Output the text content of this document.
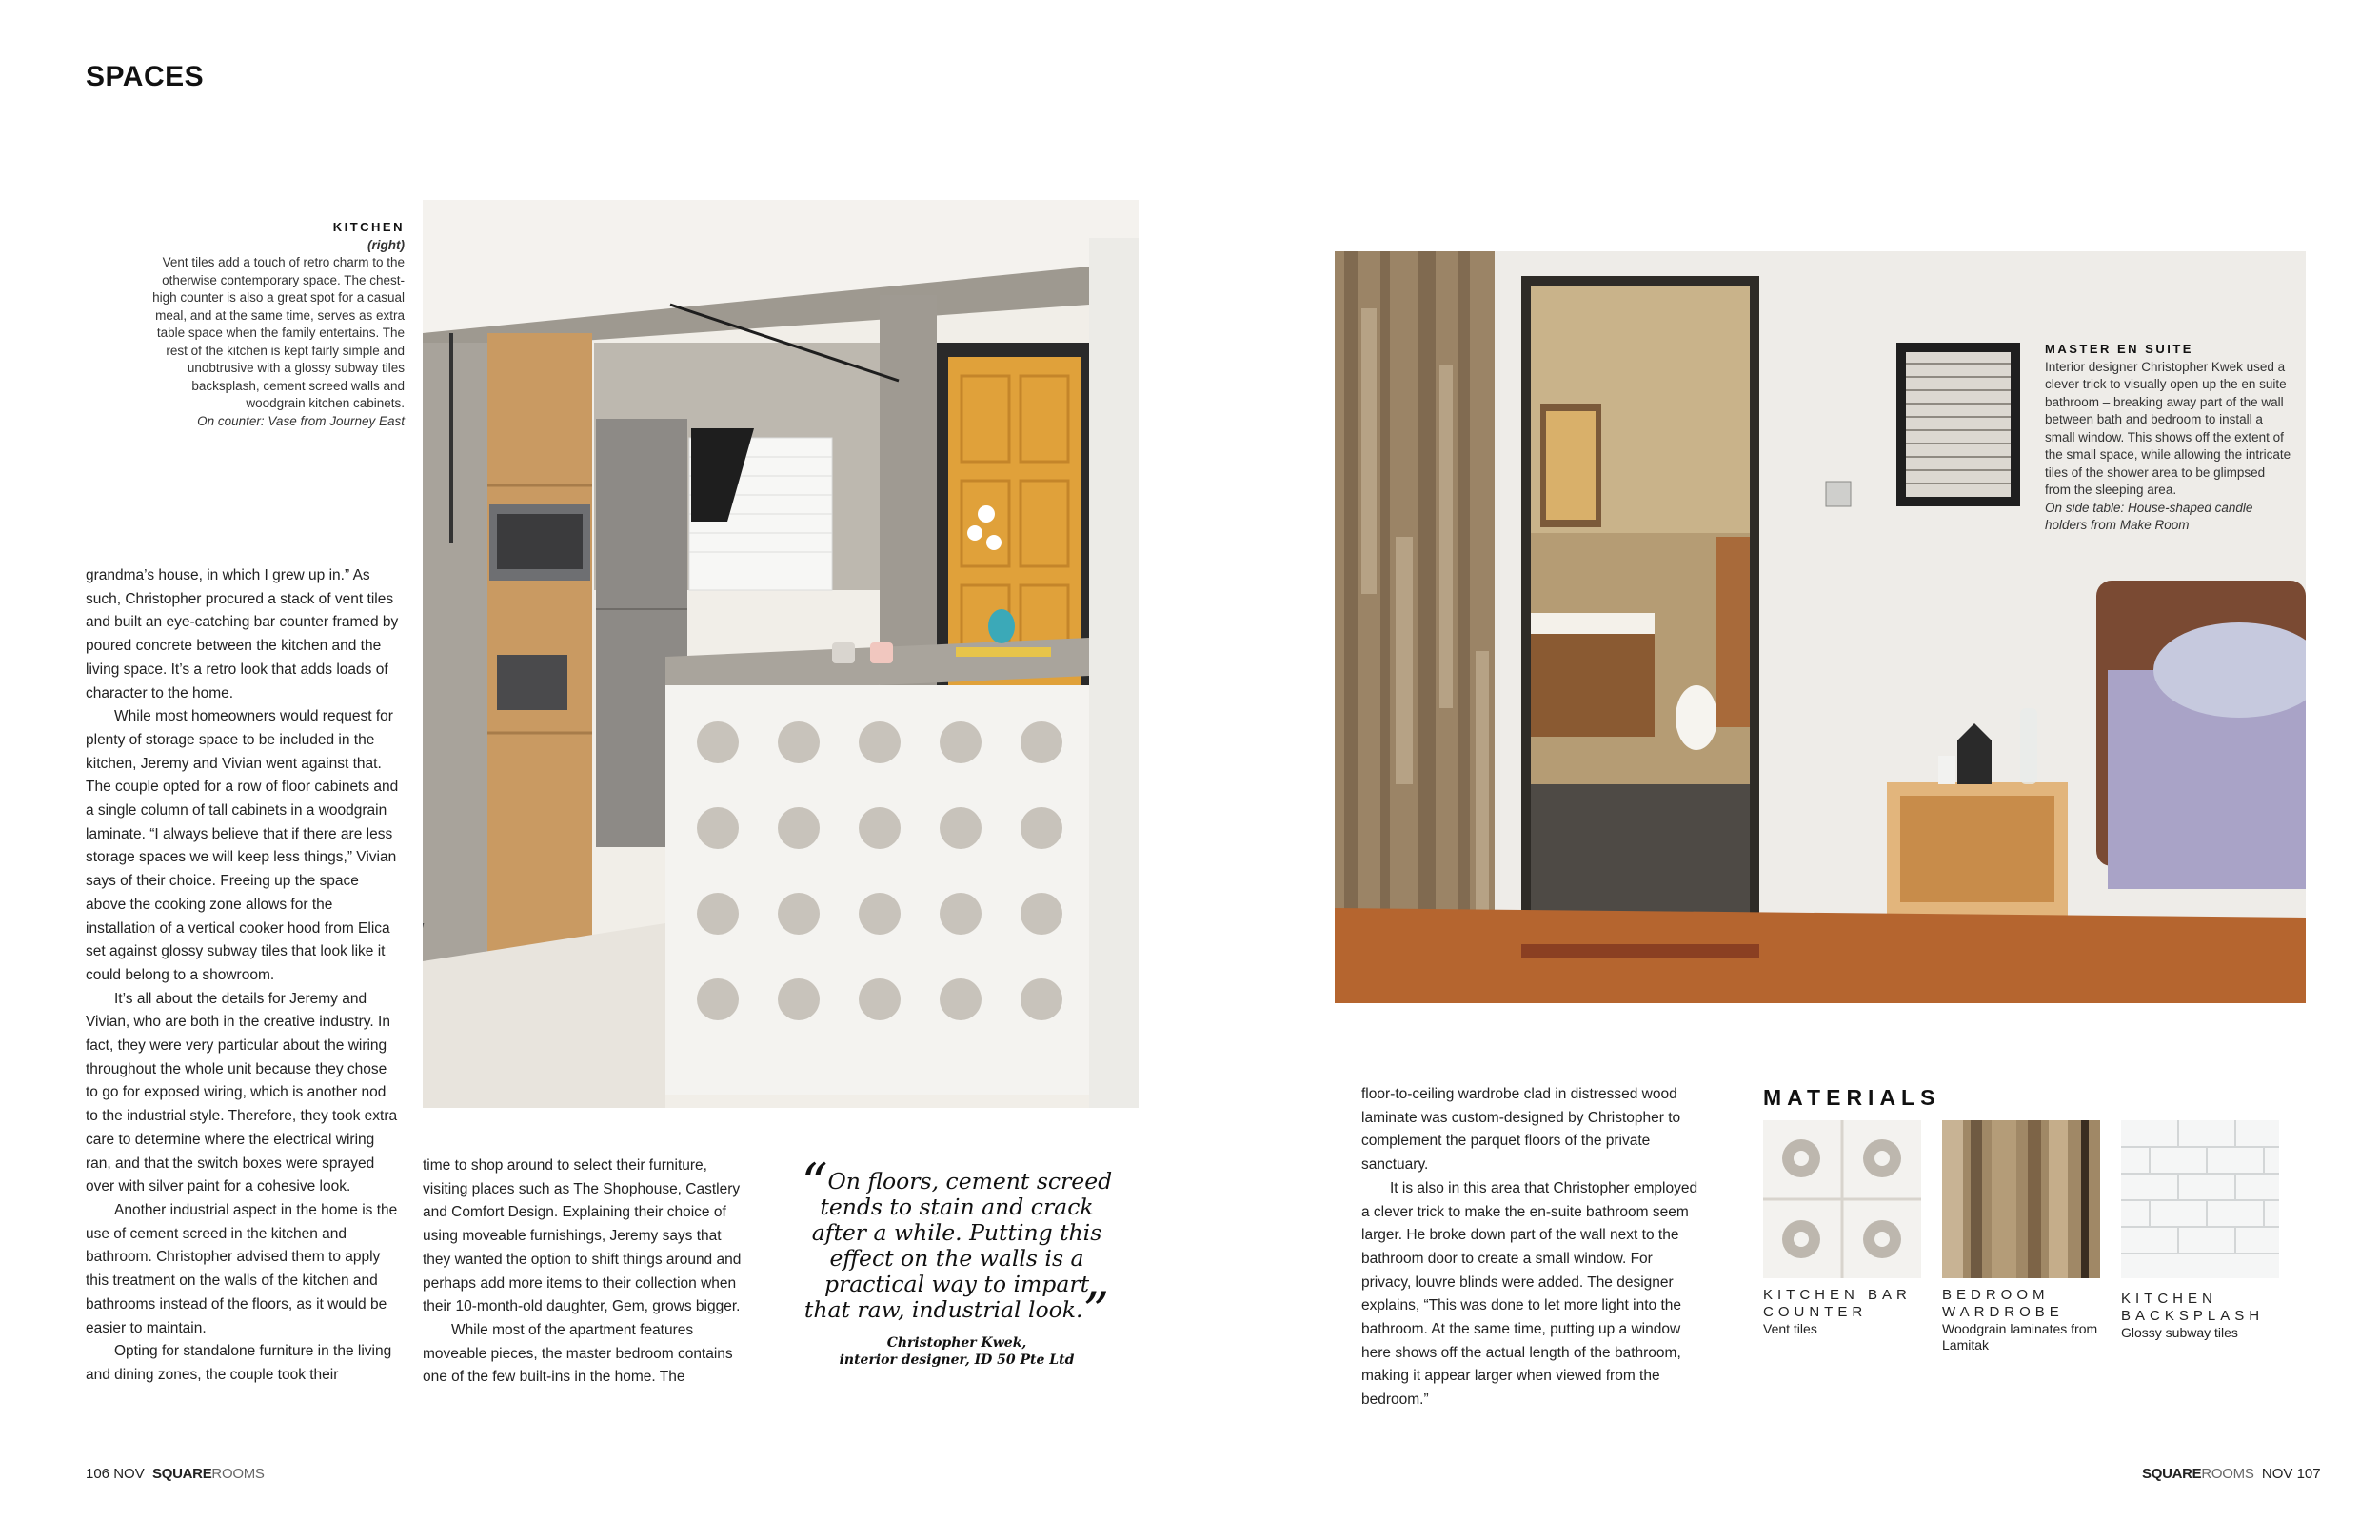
SPACES
KITCHEN
(right)
Vent tiles add a touch of retro charm to the otherwise contemporary space. The chest-high counter is also a great spot for a casual meal, and at the same time, serves as extra table space when the family entertains. The rest of the kitchen is kept fairly simple and unobtrusive with a glossy subway tiles backsplash, cement screed walls and woodgrain kitchen cabinets.
On counter: Vase from Journey East

grandma’s house, in which I grew up in.” As such, Christopher procured a stack of vent tiles and built an eye-catching bar counter framed by poured concrete between the kitchen and the living space. It’s a retro look that adds loads of character to the home.

While most homeowners would request for plenty of storage space to be included in the kitchen, Jeremy and Vivian went against that. The couple opted for a row of floor cabinets and a single column of tall cabinets in a woodgrain laminate. “I always believe that if there are less storage spaces we will keep less things,” Vivian says of their choice. Freeing up the space above the cooking zone allows for the installation of a vertical cooker hood from Elica set against glossy subway tiles that look like it could belong to a showroom.

It’s all about the details for Jeremy and Vivian, who are both in the creative industry. In fact, they were very particular about the wiring throughout the whole unit because they chose to go for exposed wiring, which is another nod to the industrial style. Therefore, they took extra care to determine where the electrical wiring ran, and that the switch boxes were sprayed over with silver paint for a cohesive look.

Another industrial aspect in the home is the use of cement screed in the kitchen and bathroom. Christopher advised them to apply this treatment on the walls of the kitchen and bathrooms instead of the floors, as it would be easier to maintain.

Opting for standalone furniture in the living and dining zones, the couple took their

time to shop around to select their furniture, visiting places such as The Shophouse, Castlery and Comfort Design. Explaining their choice of using moveable furnishings, Jeremy says that they wanted the option to shift things around and perhaps add more items to their collection when their 10-month-old daughter, Gem, grows bigger.

While most of the apartment features moveable pieces, the master bedroom contains one of the few built-ins in the home. The

“On floors, cement screed tends to stain and crack after a while. Putting this effect on the walls is a practical way to impart that raw, industrial look.”
Christopher Kwek,
interior designer, ID 50 Pte Ltd
MASTER EN SUITE
Interior designer Christopher Kwek used a clever trick to visually open up the en suite bathroom – breaking away part of the wall between bath and bedroom to install a small window. This shows off the extent of the small space, while allowing the intricate tiles of the shower area to be glimpsed from the sleeping area.
On side table: House-shaped candle holders from Make Room

floor-to-ceiling wardrobe clad in distressed wood laminate was custom-designed by Christopher to complement the parquet floors of the private sanctuary.

It is also in this area that Christopher employed a clever trick to make the en-suite bathroom seem larger. He broke down part of the wall next to the bathroom door to create a small window. For privacy, louvre blinds were added. The designer explains, “This was done to let more light into the bathroom. At the same time, putting up a window here shows off the actual length of the bathroom, making it appear larger when viewed from the bedroom.”

MATERIALS
KITCHEN BAR COUNTER
Vent tiles
BEDROOM WARDROBE
Woodgrain laminates from Lamitak
KITCHEN BACKSPLASH
Glossy subway tiles
106 NOV SQUAREROOMS	SQUAREROOMS NOV 107
